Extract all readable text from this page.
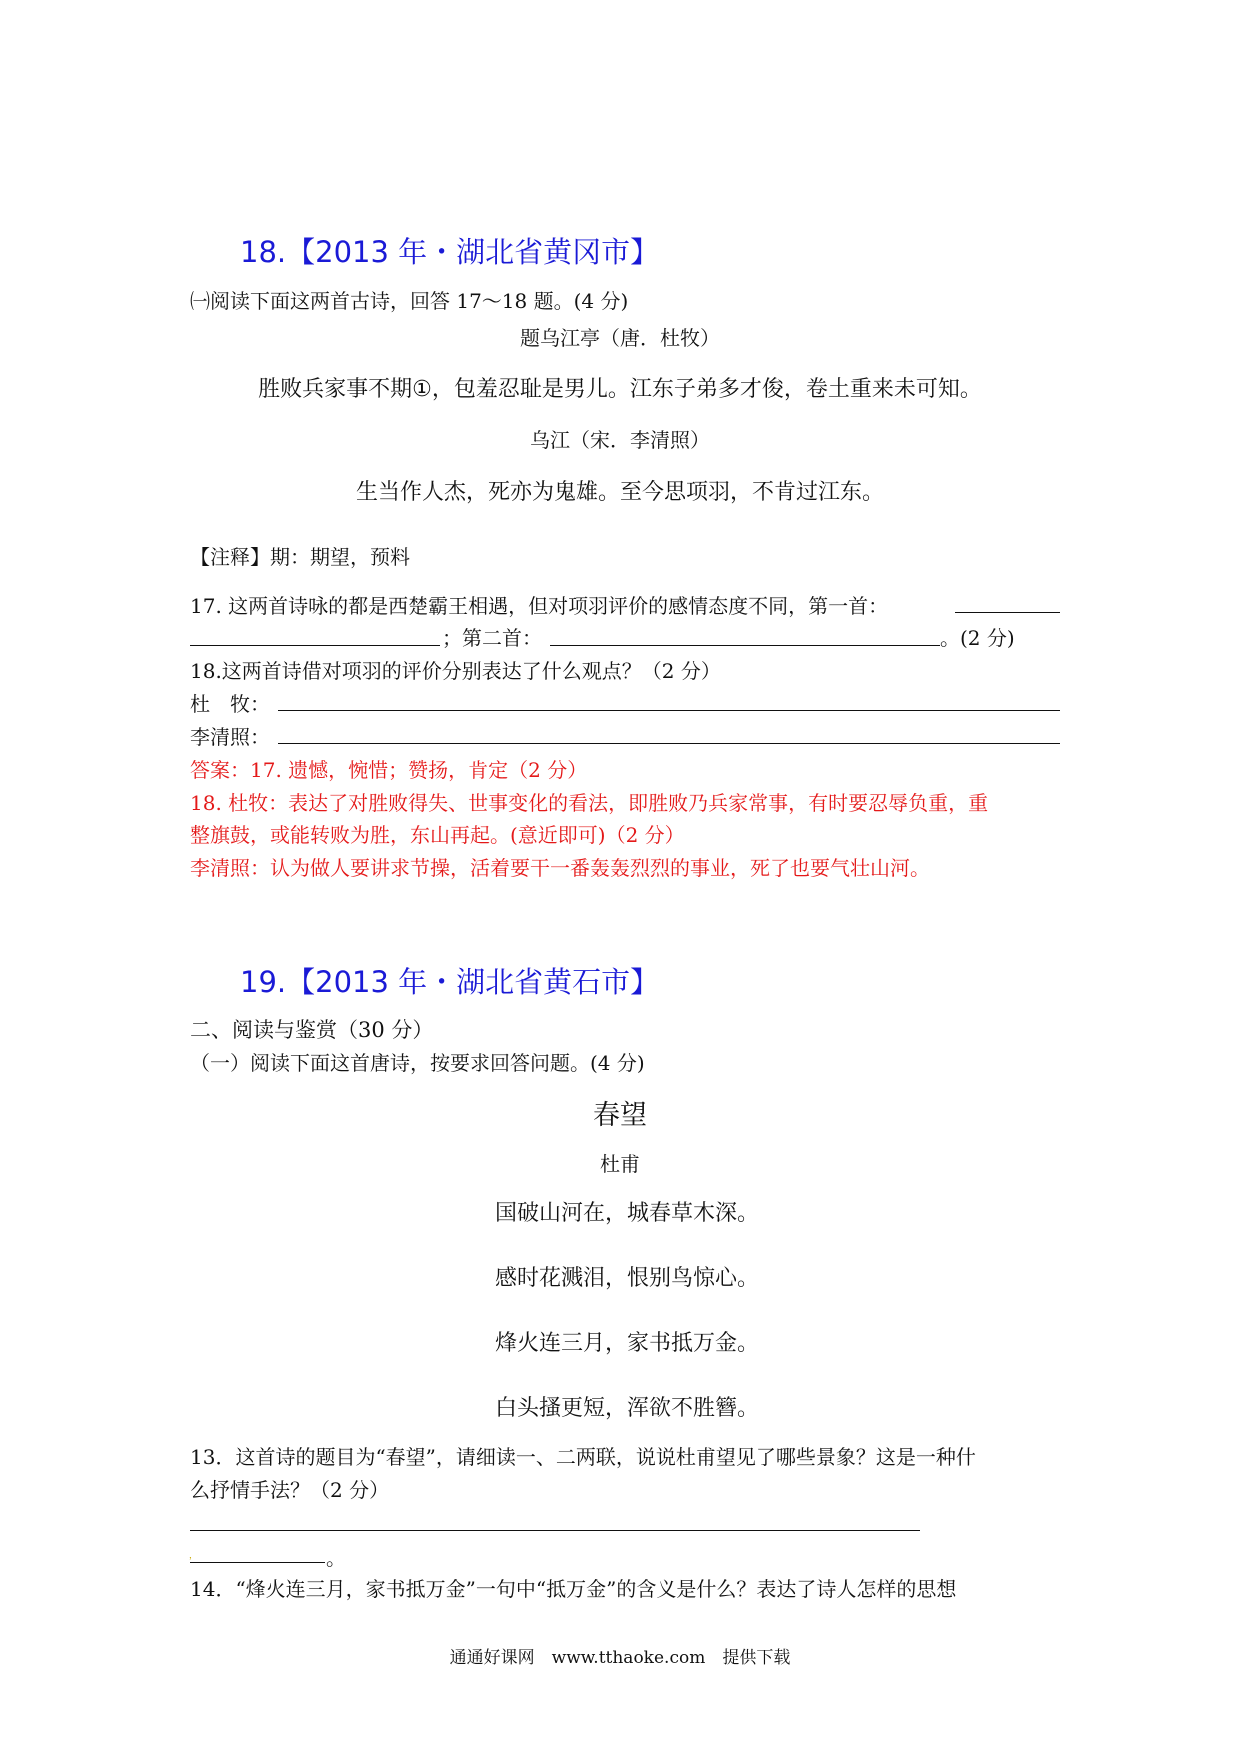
18.【2013 年・湖北省黄冈市】
㈠阅读下面这两首古诗，回答 17～18 题。(4 分)
题乌江亭（唐．杜牧）
胜败兵家事不期①，包羞忍耻是男儿。江东子弟多才俊，卷土重来未可知。
乌江（宋．李清照）
生当作人杰，死亦为鬼雄。至今思项羽，不肯过江东。
【注释】期：期望，预料
17. 这两首诗咏的都是西楚霸王相遇，但对项羽评价的感情态度不同，第一首：
；第二首：	。(2 分)
18.这两首诗借对项羽的评价分别表达了什么观点？（2 分）
杜　牧：
李清照：
答案：17. 遗憾，惋惜；赞扬，肯定（2 分）
18. 杜牧：表达了对胜败得失、世事变化的看法，即胜败乃兵家常事，有时要忍辱负重，重
整旗鼓，或能转败为胜，东山再起。(意近即可)（2 分）
李清照：认为做人要讲求节操，活着要干一番轰轰烈烈的事业，死了也要气壮山河。
19.【2013 年・湖北省黄石市】
二、阅读与鉴赏（30 分）
（一）阅读下面这首唐诗，按要求回答问题。(4 分)
春望
杜甫
国破山河在，城春草木深。
感时花溅泪，恨别鸟惊心。
烽火连三月，家书抵万金。
白头搔更短，浑欲不胜簪。
13．这首诗的题目为“春望”，请细读一、二两联，说说杜甫望见了哪些景象？这是一种什
么抒情手法？（2 分）
，	。
14．“烽火连三月，家书抵万金”一句中“抵万金”的含义是什么？表达了诗人怎样的思想
通通好课网　www.tthaoke.com　提供下载
